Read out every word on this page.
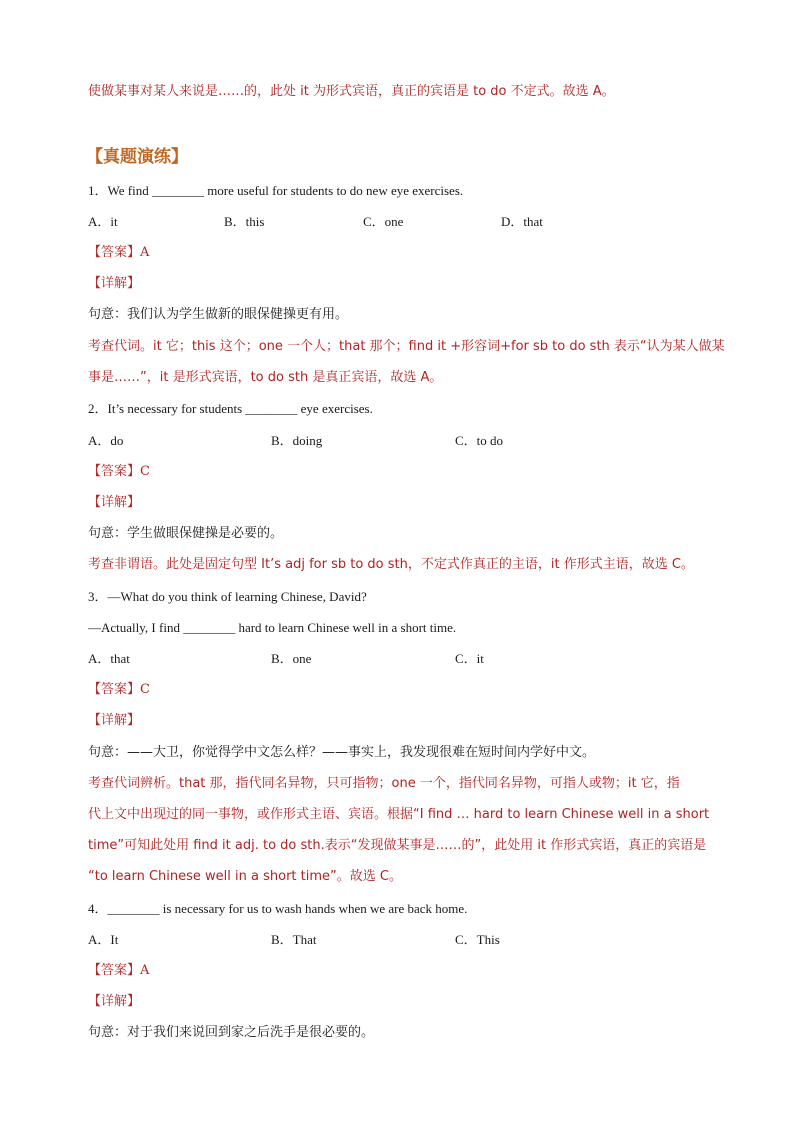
使做某事对某人来说是……的，此处 it 为形式宾语，真正的宾语是 to do 不定式。故选 A。
【真题演练】
1．We find ________ more useful for students to do new eye exercises.
A．it	B．this	C．one	D．that
【答案】A
【详解】
句意：我们认为学生做新的眼保健操更有用。
考查代词。it 它；this 这个；one 一个人；that 那个；find it +形容词+for sb to do sth 表示“认为某人做某
事是……”，it 是形式宾语，to do sth 是真正宾语，故选 A。
2．It’s necessary for students ________ eye exercises.
A．do	B．doing	C．to do
【答案】C
【详解】
句意：学生做眼保健操是必要的。
考查非谓语。此处是固定句型 It’s adj for sb to do sth，不定式作真正的主语，it 作形式主语，故选 C。
3．—What do you think of learning Chinese, David?
—Actually, I find ________ hard to learn Chinese well in a short time.
A．that	B．one	C．it
【答案】C
【详解】
句意：——大卫，你觉得学中文怎么样？——事实上，我发现很难在短时间内学好中文。
考查代词辨析。that 那，指代同名异物，只可指物；one 一个，指代同名异物，可指人或物；it 它，指
代上文中出现过的同一事物，或作形式主语、宾语。根据“I find … hard to learn Chinese well in a short
time”可知此处用 find it adj. to do sth.表示“发现做某事是……的”，此处用 it 作形式宾语，真正的宾语是
“to learn Chinese well in a short time”。故选 C。
4．________ is necessary for us to wash hands when we are back home.
A．It	B．That	C．This
【答案】A
【详解】
句意：对于我们来说回到家之后洗手是很必要的。
